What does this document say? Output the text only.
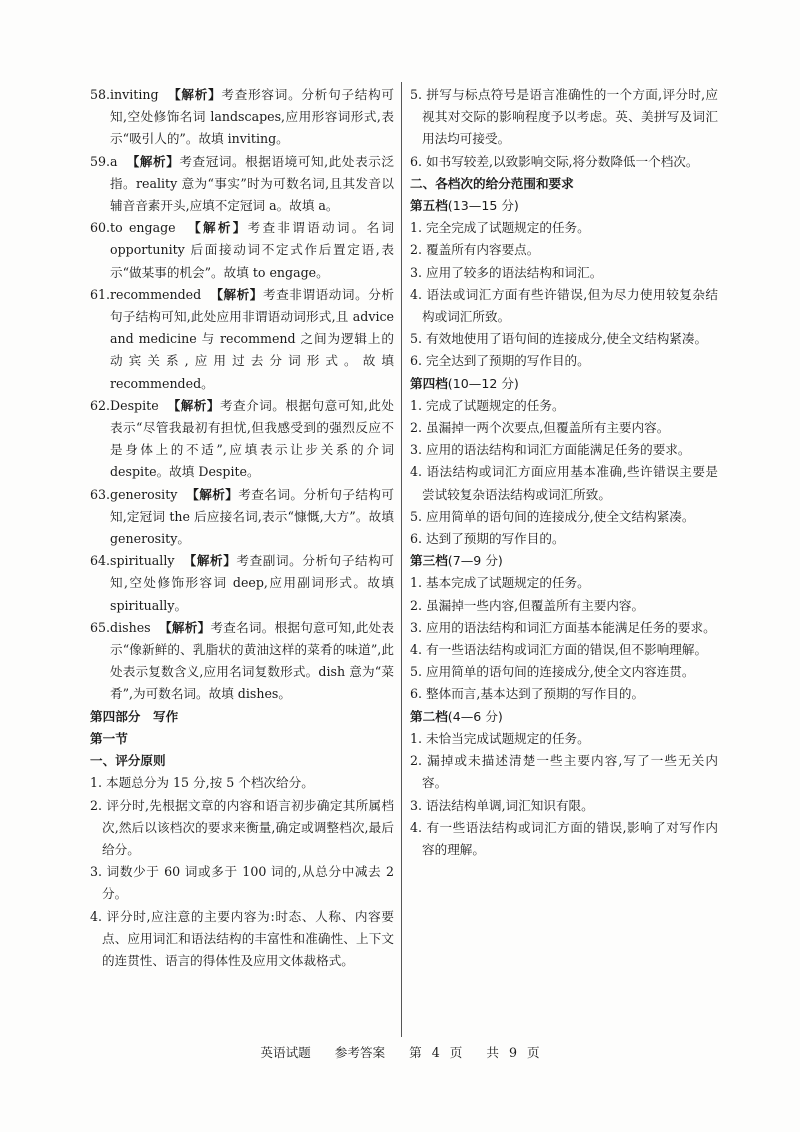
58.inviting 【解析】考查形容词。分析句子结构可知,空处修饰名词 landscapes,应用形容词形式,表示“吸引人的”。故填 inviting。

59.a 【解析】考查冠词。根据语境可知,此处表示泛指。reality 意为“事实”时为可数名词,且其发音以辅音音素开头,应填不定冠词 a。故填 a。

60.to engage 【解析】考查非谓语动词。名词 opportunity 后面接动词不定式作后置定语,表示“做某事的机会”。故填 to engage。

61.recommended 【解析】考查非谓语动词。分析句子结构可知,此处应用非谓语动词形式,且 advice and medicine 与 recommend 之间为逻辑上的动宾关系,应用过去分词形式。故填 recommended。

62.Despite 【解析】考查介词。根据句意可知,此处表示“尽管我最初有担忧,但我感受到的强烈反应不是身体上的不适”,应填表示让步关系的介词 despite。故填 Despite。

63.generosity 【解析】考查名词。分析句子结构可知,定冠词 the 后应接名词,表示“慷慨,大方”。故填 generosity。

64.spiritually 【解析】考查副词。分析句子结构可知,空处修饰形容词 deep,应用副词形式。故填 spiritually。

65.dishes 【解析】考查名词。根据句意可知,此处表示“像新鲜的、乳脂状的黄油这样的菜肴的味道”,此处表示复数含义,应用名词复数形式。dish 意为“菜肴”,为可数名词。故填 dishes。

第四部分　写作

第一节

一、评分原则

1. 本题总分为 15 分,按 5 个档次给分。

2. 评分时,先根据文章的内容和语言初步确定其所属档次,然后以该档次的要求来衡量,确定或调整档次,最后给分。

3. 词数少于 60 词或多于 100 词的,从总分中减去 2 分。

4. 评分时,应注意的主要内容为:时态、人称、内容要点、应用词汇和语法结构的丰富性和准确性、上下文的连贯性、语言的得体性及应用文体裁格式。

5. 拼写与标点符号是语言准确性的一个方面,评分时,应视其对交际的影响程度予以考虑。英、美拼写及词汇用法均可接受。

6. 如书写较差,以致影响交际,将分数降低一个档次。

二、各档次的给分范围和要求

第五档(13—15 分)

1. 完全完成了试题规定的任务。

2. 覆盖所有内容要点。

3. 应用了较多的语法结构和词汇。

4. 语法或词汇方面有些许错误,但为尽力使用较复杂结构或词汇所致。

5. 有效地使用了语句间的连接成分,使全文结构紧凑。

6. 完全达到了预期的写作目的。

第四档(10—12 分)

1. 完成了试题规定的任务。

2. 虽漏掉一两个次要点,但覆盖所有主要内容。

3. 应用的语法结构和词汇方面能满足任务的要求。

4. 语法结构或词汇方面应用基本准确,些许错误主要是尝试较复杂语法结构或词汇所致。

5. 应用简单的语句间的连接成分,使全文结构紧凑。

6. 达到了预期的写作目的。

第三档(7—9 分)

1. 基本完成了试题规定的任务。

2. 虽漏掉一些内容,但覆盖所有主要内容。

3. 应用的语法结构和词汇方面基本能满足任务的要求。

4. 有一些语法结构或词汇方面的错误,但不影响理解。

5. 应用简单的语句间的连接成分,使全文内容连贯。

6. 整体而言,基本达到了预期的写作目的。

第二档(4—6 分)

1. 未恰当完成试题规定的任务。

2. 漏掉或未描述清楚一些主要内容,写了一些无关内容。

3. 语法结构单调,词汇知识有限。

4. 有一些语法结构或词汇方面的错误,影响了对写作内容的理解。

英语试题 参考答案 第 4 页 共 9 页
